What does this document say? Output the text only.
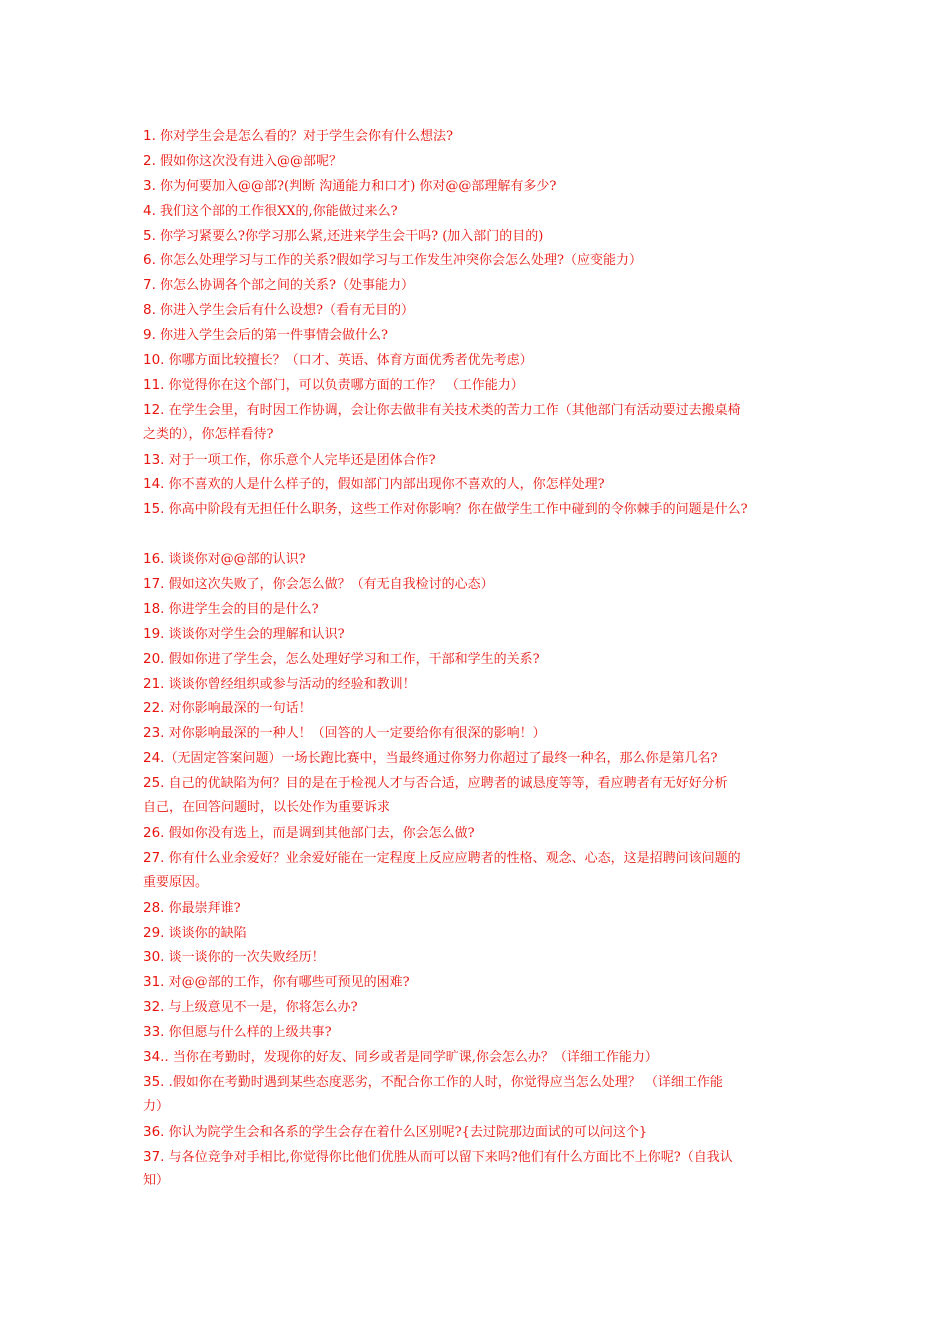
1. 你对学生会是怎么看的？对于学生会你有什么想法?
2. 假如你这次没有进入@@部呢？
3. 你为何要加入@@部?(判断 沟通能力和口才) 你对@@部理解有多少?
4. 我们这个部的工作很XX的,你能做过来么?
5. 你学习紧要么?你学习那么紧,还进来学生会干吗? (加入部门的目的)
6. 你怎么处理学习与工作的关系?假如学习与工作发生冲突你会怎么处理?（应变能力）
7. 你怎么协调各个部之间的关系?（处事能力）
8. 你进入学生会后有什么设想?（看有无目的）
9. 你进入学生会后的第一件事情会做什么?
10. 你哪方面比较擅长？（口才、英语、体育方面优秀者优先考虑）
11. 你觉得你在这个部门，可以负责哪方面的工作？ （工作能力）
12. 在学生会里，有时因工作协调，会让你去做非有关技术类的苦力工作（其他部门有活动要过去搬桌椅
之类的），你怎样看待?
13. 对于一项工作，你乐意个人完毕还是团体合作?
14. 你不喜欢的人是什么样子的，假如部门内部出现你不喜欢的人，你怎样处理?
15. 你高中阶段有无担任什么职务，这些工作对你影响？你在做学生工作中碰到的令你棘手的问题是什么?
16. 谈谈你对@@部的认识?
17. 假如这次失败了，你会怎么做？（有无自我检讨的心态）
18. 你进学生会的目的是什么?
19. 谈谈你对学生会的理解和认识?
20. 假如你进了学生会，怎么处理好学习和工作，干部和学生的关系?
21. 谈谈你曾经组织或参与活动的经验和教训！
22. 对你影响最深的一句话！
23. 对你影响最深的一种人！（回答的人一定要给你有很深的影响！）
24.（无固定答案问题）一场长跑比赛中，当最终通过你努力你超过了最终一种名，那么你是第几名?
25. 自己的优缺陷为何？目的是在于检视人才与否合适，应聘者的诚恳度等等，看应聘者有无好好分析
自己，在回答问题时，以长处作为重要诉求
26. 假如你没有选上，而是调到其他部门去，你会怎么做?
27. 你有什么业余爱好？业余爱好能在一定程度上反应应聘者的性格、观念、心态，这是招聘问该问题的
重要原因。
28. 你最崇拜谁?
29. 谈谈你的缺陷
30. 谈一谈你的一次失败经历！
31. 对@@部的工作，你有哪些可预见的困难?
32. 与上级意见不一是，你将怎么办?
33. 你但愿与什么样的上级共事?
34.. 当你在考勤时，发现你的好友、同乡或者是同学旷课,你会怎么办？（详细工作能力）
35. .假如你在考勤时遇到某些态度恶劣，不配合你工作的人时，你觉得应当怎么处理？ （详细工作能
力）
36. 你认为院学生会和各系的学生会存在着什么区别呢?{去过院那边面试的可以问这个}
37. 与各位竞争对手相比,你觉得你比他们优胜从而可以留下来吗?他们有什么方面比不上你呢?（自我认
知）
